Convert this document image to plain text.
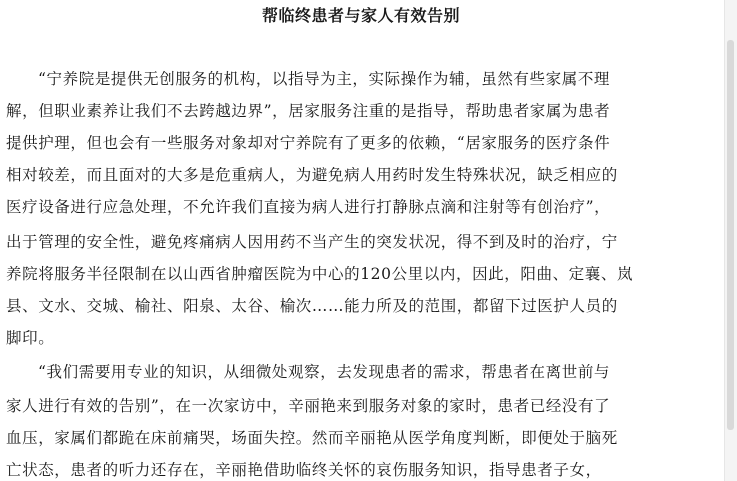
帮临终患者与家人有效告别
“宁养院是提供无创服务的机构，以指导为主，实际操作为辅，虽然有些家属不理
解，但职业素养让我们不去跨越边界”，居家服务注重的是指导，帮助患者家属为患者
提供护理，但也会有一些服务对象却对宁养院有了更多的依赖，“居家服务的医疗条件
相对较差，而且面对的大多是危重病人，为避免病人用药时发生特殊状况，缺乏相应的
医疗设备进行应急处理，不允许我们直接为病人进行打静脉点滴和注射等有创治疗”，
出于管理的安全性，避免疼痛病人因用药不当产生的突发状况，得不到及时的治疗，宁
养院将服务半径限制在以山西省肿瘤医院为中心的120公里以内，因此，阳曲、定襄、岚
县、文水、交城、榆社、阳泉、太谷、榆次……能力所及的范围，都留下过医护人员的
脚印。
“我们需要用专业的知识，从细微处观察，去发现患者的需求，帮患者在离世前与
家人进行有效的告别”，在一次家访中，辛丽艳来到服务对象的家时，患者已经没有了
血压，家属们都跪在床前痛哭，场面失控。然而辛丽艳从医学角度判断，即便处于脑死
亡状态，患者的听力还存在，辛丽艳借助临终关怀的哀伤服务知识，指导患者子女，
